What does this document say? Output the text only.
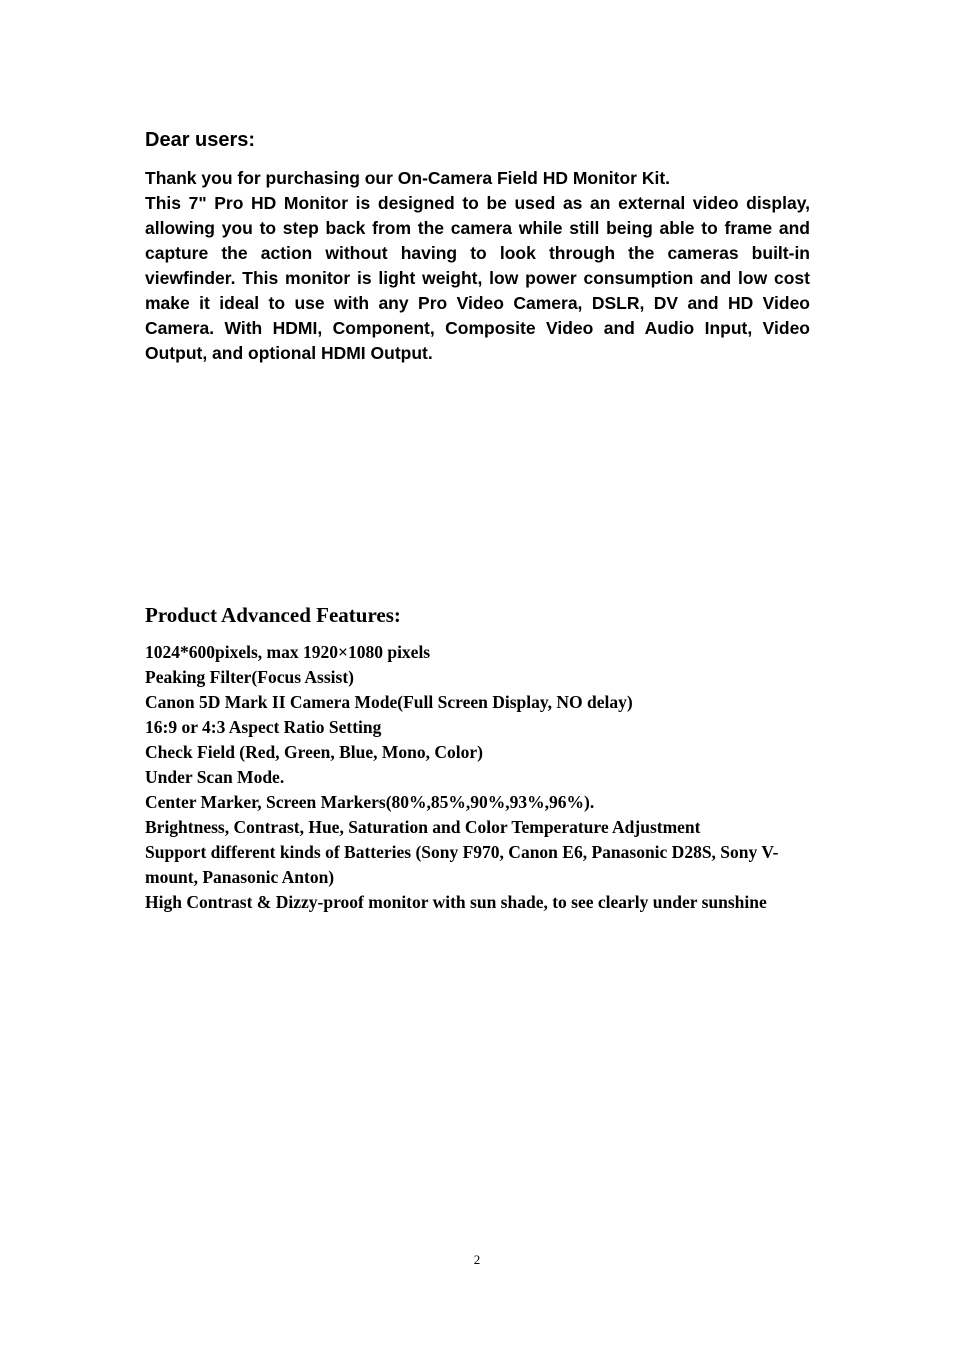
Dear users:

Thank you for purchasing our On-Camera Field HD Monitor Kit.

This 7" Pro HD Monitor is designed to be used as an external video display, allowing you to step back from the camera while still being able to frame and capture the action without having to look through the cameras built-in viewfinder. This monitor is light weight, low power consumption and low cost make it ideal to use with any Pro Video Camera, DSLR, DV and HD Video Camera. With HDMI, Component, Composite Video and Audio Input, Video Output, and optional HDMI Output.

Product Advanced Features:
1024*600pixels, max 1920×1080 pixels
Peaking Filter(Focus Assist)
Canon 5D Mark II Camera Mode(Full Screen Display, NO delay)
16:9 or 4:3 Aspect Ratio Setting
Check Field (Red, Green, Blue, Mono, Color)
Under Scan Mode.
Center Marker, Screen Markers(80%,85%,90%,93%,96%).
Brightness, Contrast, Hue, Saturation and Color Temperature Adjustment
Support different kinds of Batteries (Sony F970, Canon E6, Panasonic D28S, Sony V-mount, Panasonic Anton)
High Contrast & Dizzy-proof monitor with sun shade, to see clearly under sunshine
2
